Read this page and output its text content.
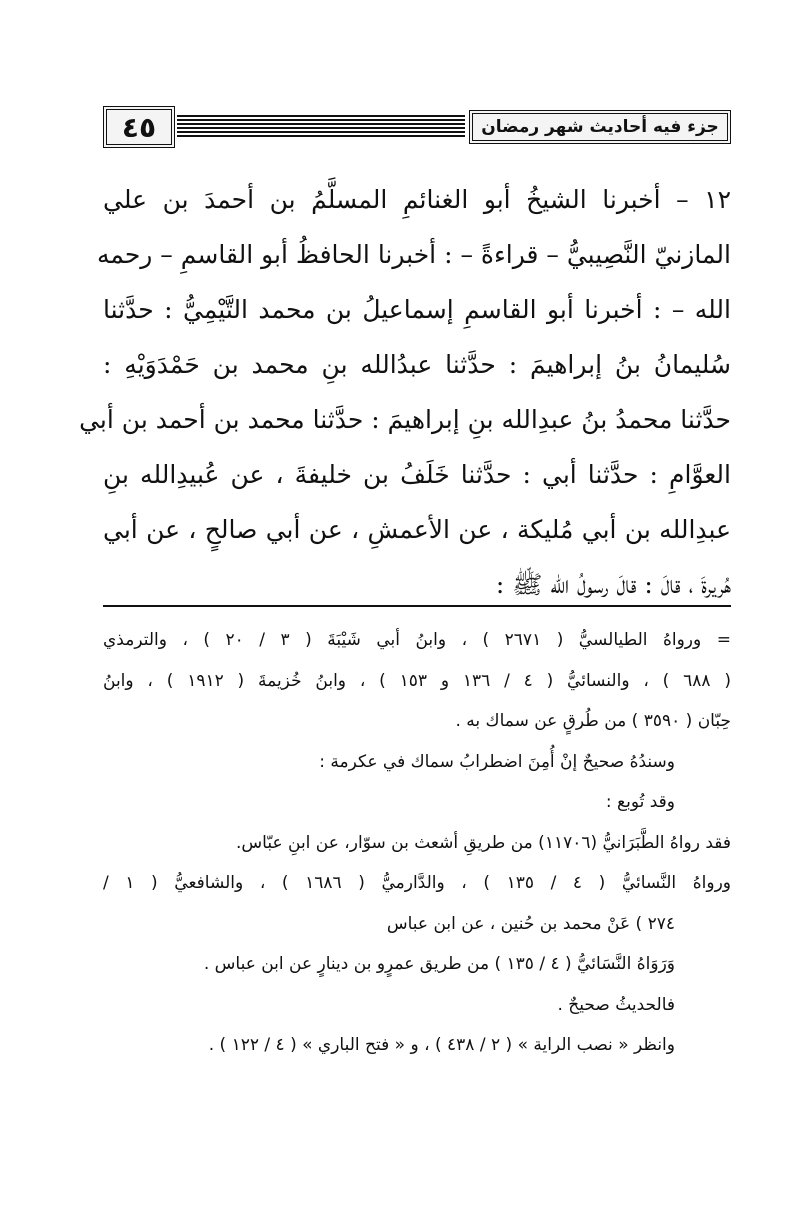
جزء فيه أحاديث شهر رمضان
٤٥
١٢ – أخبرنا الشيخُ أبو الغنائمِ المسلَّمُ بن أحمدَ بن علي
المازنيّ النَّصِيبيُّ – قراءةً – : أخبرنا الحافظُ أبو القاسمِ – رحمه
الله – : أخبرنا أبو القاسمِ إسماعيلُ بن محمد التَّيْمِيُّ : حدَّثنا
سُليمانُ بنُ إبراهيمَ : حدَّثنا عبدُالله بنِ محمد بن حَمْدَوَيْهِ :
حدَّثنا محمدُ بنُ عبدِالله بنِ إبراهيمَ : حدَّثنا محمد بن أحمد بن أبي
العوَّامِ : حدَّثنا أبي : حدَّثنا خَلَفُ بن خليفةَ ، عن عُبيدِالله بنِ
عبدِالله بن أبي مُليكة ، عن الأعمشِ ، عن أبي صالحٍ ، عن أبي
هُريرةَ ، قالَ : قالَ رسولُ الله ﷺ :
= ورواهُ الطيالسيُّ ( ٢٦٧١ ) ، وابنُ أبي شَيْبَةَ ( ٣ / ٢٠ ) ، والترمذي
( ٦٨٨ ) ، والنسائيُّ ( ٤ / ١٣٦ و ١٥٣ ) ، وابنُ خُزيمةَ ( ١٩١٢ ) ، وابنُ
حِبّان ( ٣٥٩٠ ) من طُرقٍ عن سماك به .
وسندُهُ صحيحٌ إنْ أُمِنَ اضطرابُ سماك في عكرمة :
وقد تُوبع :
فقد رواهُ الطَّبَرَانيُّ (١١٧٠٦) من طريقِ أشعث بن سوّار، عن ابنِ عبّاس.
ورواهُ النَّسائيُّ ( ٤ / ١٣٥ ) ، والدَّارميُّ ( ١٦٨٦ ) ، والشافعيُّ ( ١ /
٢٧٤ ) عَنْ محمد بن حُنين ، عن ابن عباس
وَرَوَاهُ النَّسَائيُّ ( ٤ / ١٣٥ ) من طريق عمرٍو بن دينارٍ عن ابن عباس .
فالحديثُ صحيحٌ .
وانظر « نصب الراية » ( ٢ / ٤٣٨ ) ، و « فتح الباري » ( ٤ / ١٢٢ ) .
